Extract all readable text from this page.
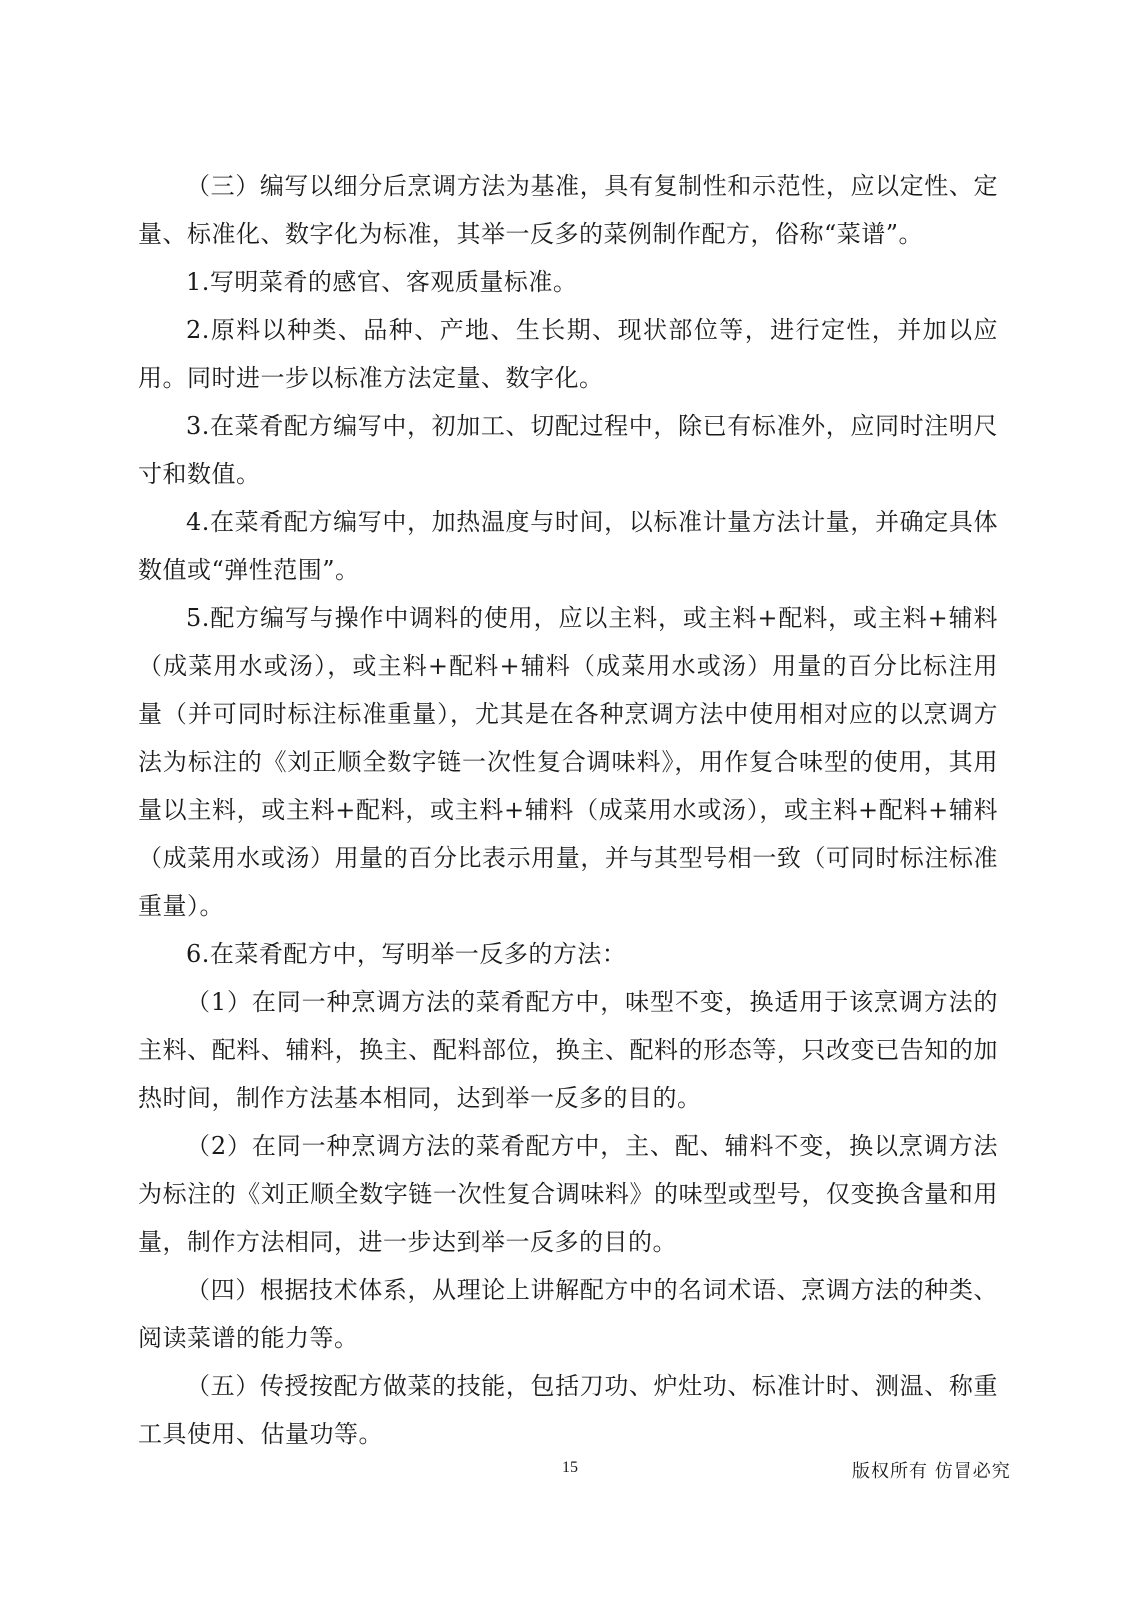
（三）编写以细分后烹调方法为基准，具有复制性和示范性，应以定性、定量、标准化、数字化为标准，其举一反多的菜例制作配方，俗称“菜谱”。

1.写明菜肴的感官、客观质量标准。

2.原料以种类、品种、产地、生长期、现状部位等，进行定性，并加以应用。同时进一步以标准方法定量、数字化。

3.在菜肴配方编写中，初加工、切配过程中，除已有标准外，应同时注明尺寸和数值。

4.在菜肴配方编写中，加热温度与时间，以标准计量方法计量，并确定具体数值或“弹性范围”。

5.配方编写与操作中调料的使用，应以主料，或主料+配料，或主料+辅料（成菜用水或汤），或主料+配料+辅料（成菜用水或汤）用量的百分比标注用量（并可同时标注标准重量），尤其是在各种烹调方法中使用相对应的以烹调方法为标注的《刘正顺全数字链一次性复合调味料》，用作复合味型的使用，其用量以主料，或主料+配料，或主料+辅料（成菜用水或汤），或主料+配料+辅料（成菜用水或汤）用量的百分比表示用量，并与其型号相一致（可同时标注标准重量）。

6.在菜肴配方中，写明举一反多的方法：

（1）在同一种烹调方法的菜肴配方中，味型不变，换适用于该烹调方法的主料、配料、辅料，换主、配料部位，换主、配料的形态等，只改变已告知的加热时间，制作方法基本相同，达到举一反多的目的。

（2）在同一种烹调方法的菜肴配方中，主、配、辅料不变，换以烹调方法为标注的《刘正顺全数字链一次性复合调味料》的味型或型号，仅变换含量和用量，制作方法相同，进一步达到举一反多的目的。

（四）根据技术体系，从理论上讲解配方中的名词术语、烹调方法的种类、阅读菜谱的能力等。

（五）传授按配方做菜的技能，包括刀功、炉灶功、标准计时、测温、称重工具使用、估量功等。

15	版权所有 仿冒必究
